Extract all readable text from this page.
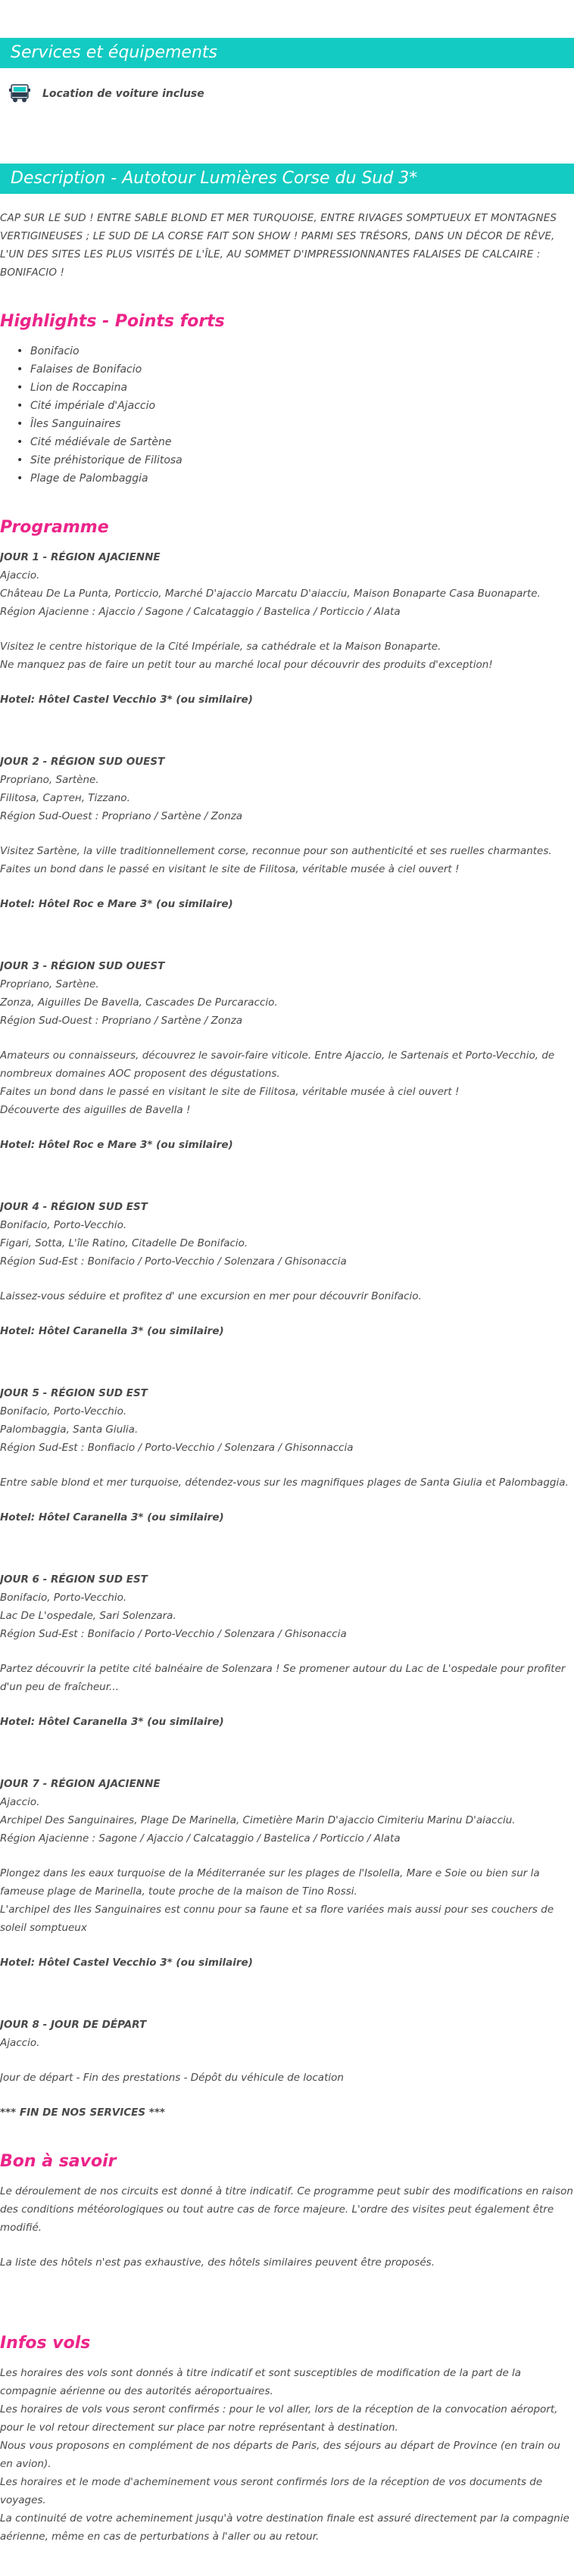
Services et équipements
Location de voiture incluse
Description - Autotour Lumières Corse du Sud 3*

CAP SUR LE SUD ! ENTRE SABLE BLOND ET MER TURQUOISE, ENTRE RIVAGES SOMPTUEUX ET MONTAGNES VERTIGINEUSES ; LE SUD DE LA CORSE FAIT SON SHOW ! PARMI SES TRÉSORS, DANS UN DÉCOR DE RÊVE, L'UN DES SITES LES PLUS VISITÉS DE L'ÎLE, AU SOMMET D'IMPRESSIONNANTES FALAISES DE CALCAIRE : BONIFACIO !

Highlights - Points forts
• Bonifacio
• Falaises de Bonifacio
• Lion de Roccapina
• Cité impériale d'Ajaccio
• Îles Sanguinaires
• Cité médiévale de Sartène
• Site préhistorique de Filitosa
• Plage de Palombaggia
Programme
JOUR 1 - RÉGION AJACIENNE

Ajaccio.

Château De La Punta, Porticcio, Marché D'ajaccio Marcatu D'aiacciu, Maison Bonaparte Casa Buonaparte.

Région Ajacienne : Ajaccio / Sagone / Calcataggio / Bastelica / Porticcio / Alata

Visitez le centre historique de la Cité Impériale, sa cathédrale et la Maison Bonaparte.

Ne manquez pas de faire un petit tour au marché local pour découvrir des produits d'exception!

Hotel: Hôtel Castel Vecchio 3* (ou similaire)
JOUR 2 - RÉGION SUD OUEST

Propriano, Sartène.

Filitosa, Сартен, Tizzano.

Région Sud-Ouest : Propriano / Sartène / Zonza

Visitez Sartène, la ville traditionnellement corse, reconnue pour son authenticité et ses ruelles charmantes.

Faites un bond dans le passé en visitant le site de Filitosa, véritable musée à ciel ouvert !

Hotel: Hôtel Roc e Mare 3* (ou similaire)
JOUR 3 - RÉGION SUD OUEST

Propriano, Sartène.

Zonza, Aiguilles De Bavella, Cascades De Purcaraccio.

Région Sud-Ouest : Propriano / Sartène / Zonza

Amateurs ou connaisseurs, découvrez le savoir-faire viticole. Entre Ajaccio, le Sartenais et Porto-Vecchio, de nombreux domaines AOC proposent des dégustations.

Faites un bond dans le passé en visitant le site de Filitosa, véritable musée à ciel ouvert !

Découverte des aiguilles de Bavella !

Hotel: Hôtel Roc e Mare 3* (ou similaire)
JOUR 4 - RÉGION SUD EST

Bonifacio, Porto-Vecchio.

Figari, Sotta, L'île Ratino, Citadelle De Bonifacio.

Région Sud-Est : Bonifacio / Porto-Vecchio / Solenzara / Ghisonaccia

Laissez-vous séduire et profitez d' une excursion en mer pour découvrir Bonifacio.

Hotel: Hôtel Caranella 3* (ou similaire)
JOUR 5 - RÉGION SUD EST

Bonifacio, Porto-Vecchio.

Palombaggia, Santa Giulia.

Région Sud-Est : Bonfiacio / Porto-Vecchio / Solenzara / Ghisonnaccia

Entre sable blond et mer turquoise, détendez-vous sur les magnifiques plages de Santa Giulia et Palombaggia.

Hotel: Hôtel Caranella 3* (ou similaire)
JOUR 6 - RÉGION SUD EST

Bonifacio, Porto-Vecchio.

Lac De L'ospedale, Sari Solenzara.

Région Sud-Est : Bonifacio / Porto-Vecchio / Solenzara / Ghisonaccia

Partez découvrir la petite cité balnéaire de Solenzara ! Se promener autour du Lac de L'ospedale pour profiter d'un peu de fraîcheur...

Hotel: Hôtel Caranella 3* (ou similaire)
JOUR 7 - RÉGION AJACIENNE

Ajaccio.

Archipel Des Sanguinaires, Plage De Marinella, Cimetière Marin D'ajaccio Cimiteriu Marinu D'aiacciu.

Région Ajacienne : Sagone / Ajaccio / Calcataggio / Bastelica / Porticcio / Alata

Plongez dans les eaux turquoise de la Méditerranée sur les plages de l'Isolella, Mare e Soie ou bien sur la fameuse plage de Marinella, toute proche de la maison de Tino Rossi.

L'archipel des Iles Sanguinaires est connu pour sa faune et sa flore variées mais aussi pour ses couchers de soleil somptueux

Hotel: Hôtel Castel Vecchio 3* (ou similaire)
JOUR 8 - JOUR DE DÉPART

Ajaccio.

Jour de départ - Fin des prestations - Dépôt du véhicule de location

*** FIN DE NOS SERVICES ***
Bon à savoir

Le déroulement de nos circuits est donné à titre indicatif. Ce programme peut subir des modifications en raison des conditions météorologiques ou tout autre cas de force majeure. L'ordre des visites peut également être modifié.

La liste des hôtels n'est pas exhaustive, des hôtels similaires peuvent être proposés.

Infos vols

Les horaires des vols sont donnés à titre indicatif et sont susceptibles de modification de la part de la compagnie aérienne ou des autorités aéroportuaires.

Les horaires de vols vous seront confirmés : pour le vol aller, lors de la réception de la convocation aéroport, pour le vol retour directement sur place par notre représentant à destination.

Nous vous proposons en complément de nos départs de Paris, des séjours au départ de Province (en train ou en avion).

Les horaires et le mode d'acheminement vous seront confirmés lors de la réception de vos documents de voyages.

La continuité de votre acheminement jusqu'à votre destination finale est assuré directement par la compagnie aérienne, même en cas de perturbations à l'aller ou au retour.
